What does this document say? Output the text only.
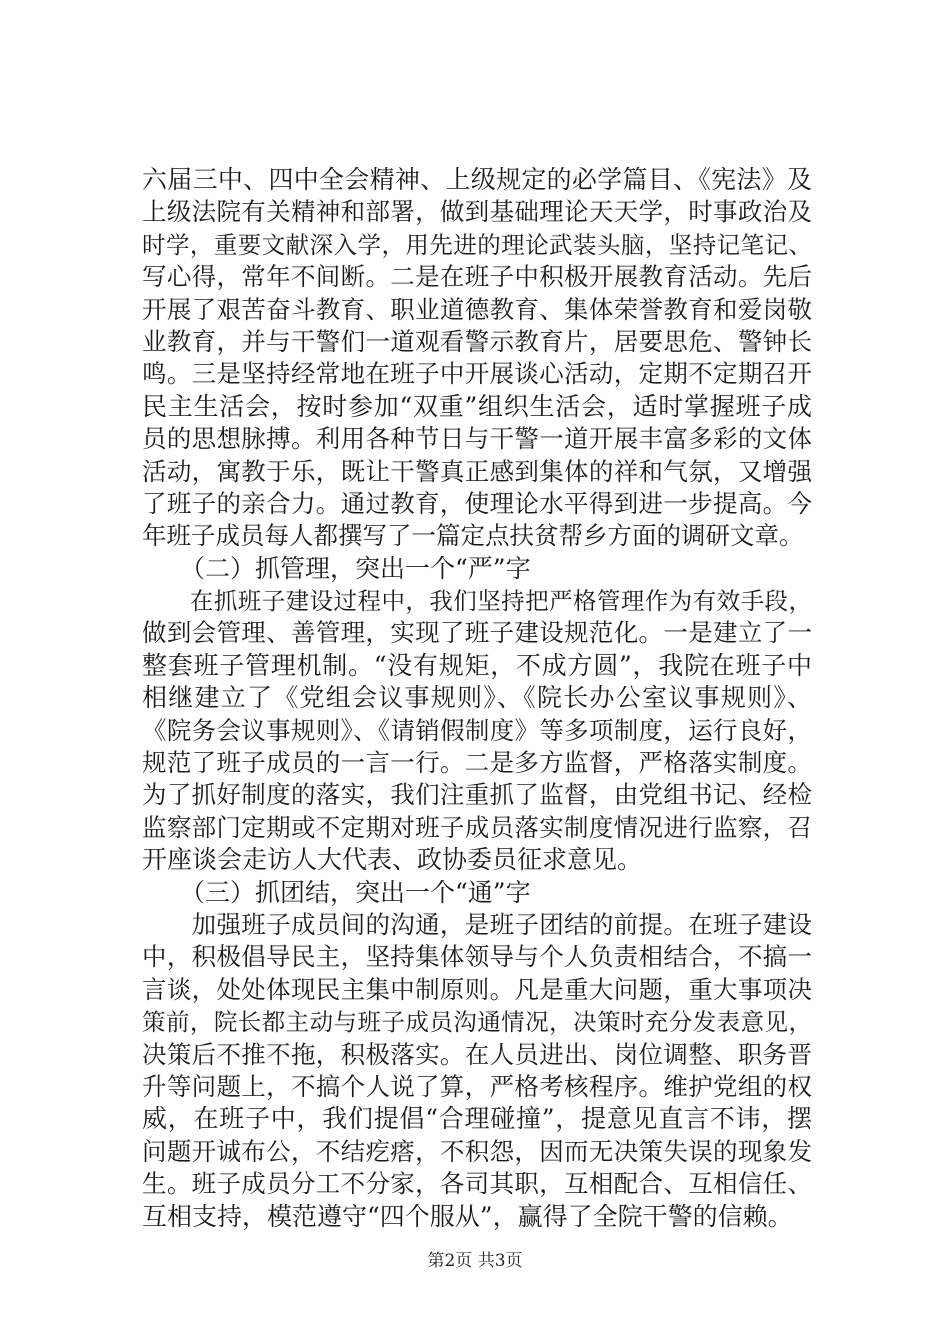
六届三中、四中全会精神、上级规定的必学篇目、《宪法》及
上级法院有关精神和部署，做到基础理论天天学，时事政治及
时学，重要文献深入学，用先进的理论武装头脑，坚持记笔记、
写心得，常年不间断。二是在班子中积极开展教育活动。先后
开展了艰苦奋斗教育、职业道德教育、集体荣誉教育和爱岗敬
业教育，并与干警们一道观看警示教育片，居要思危、警钟长
鸣。三是坚持经常地在班子中开展谈心活动，定期不定期召开
民主生活会，按时参加“双重”组织生活会，适时掌握班子成
员的思想脉搏。利用各种节日与干警一道开展丰富多彩的文体
活动，寓教于乐，既让干警真正感到集体的祥和气氛，又增强
了班子的亲合力。通过教育，使理论水平得到进一步提高。今
年班子成员每人都撰写了一篇定点扶贫帮乡方面的调研文章。
（二）抓管理，突出一个“严”字
　　在抓班子建设过程中，我们坚持把严格管理作为有效手段，
做到会管理、善管理，实现了班子建设规范化。一是建立了一
整套班子管理机制。“没有规矩，不成方圆”，我院在班子中
相继建立了《党组会议事规则》、《院长办公室议事规则》、
《院务会议事规则》、《请销假制度》等多项制度，运行良好，
规范了班子成员的一言一行。二是多方监督，严格落实制度。
为了抓好制度的落实，我们注重抓了监督，由党组书记、经检
监察部门定期或不定期对班子成员落实制度情况进行监察，召
开座谈会走访人大代表、政协委员征求意见。
（三）抓团结，突出一个“通”字
　　加强班子成员间的沟通，是班子团结的前提。在班子建设
中，积极倡导民主，坚持集体领导与个人负责相结合，不搞一
言谈，处处体现民主集中制原则。凡是重大问题，重大事项决
策前，院长都主动与班子成员沟通情况，决策时充分发表意见，
决策后不推不拖，积极落实。在人员进出、岗位调整、职务晋
升等问题上，不搞个人说了算，严格考核程序。维护党组的权
威，在班子中，我们提倡“合理碰撞”，提意见直言不讳，摆
问题开诚布公，不结疙瘩，不积怨，因而无决策失误的现象发
生。班子成员分工不分家，各司其职，互相配合、互相信任、
互相支持，模范遵守“四个服从”，赢得了全院干警的信赖。
第2页 共3页
